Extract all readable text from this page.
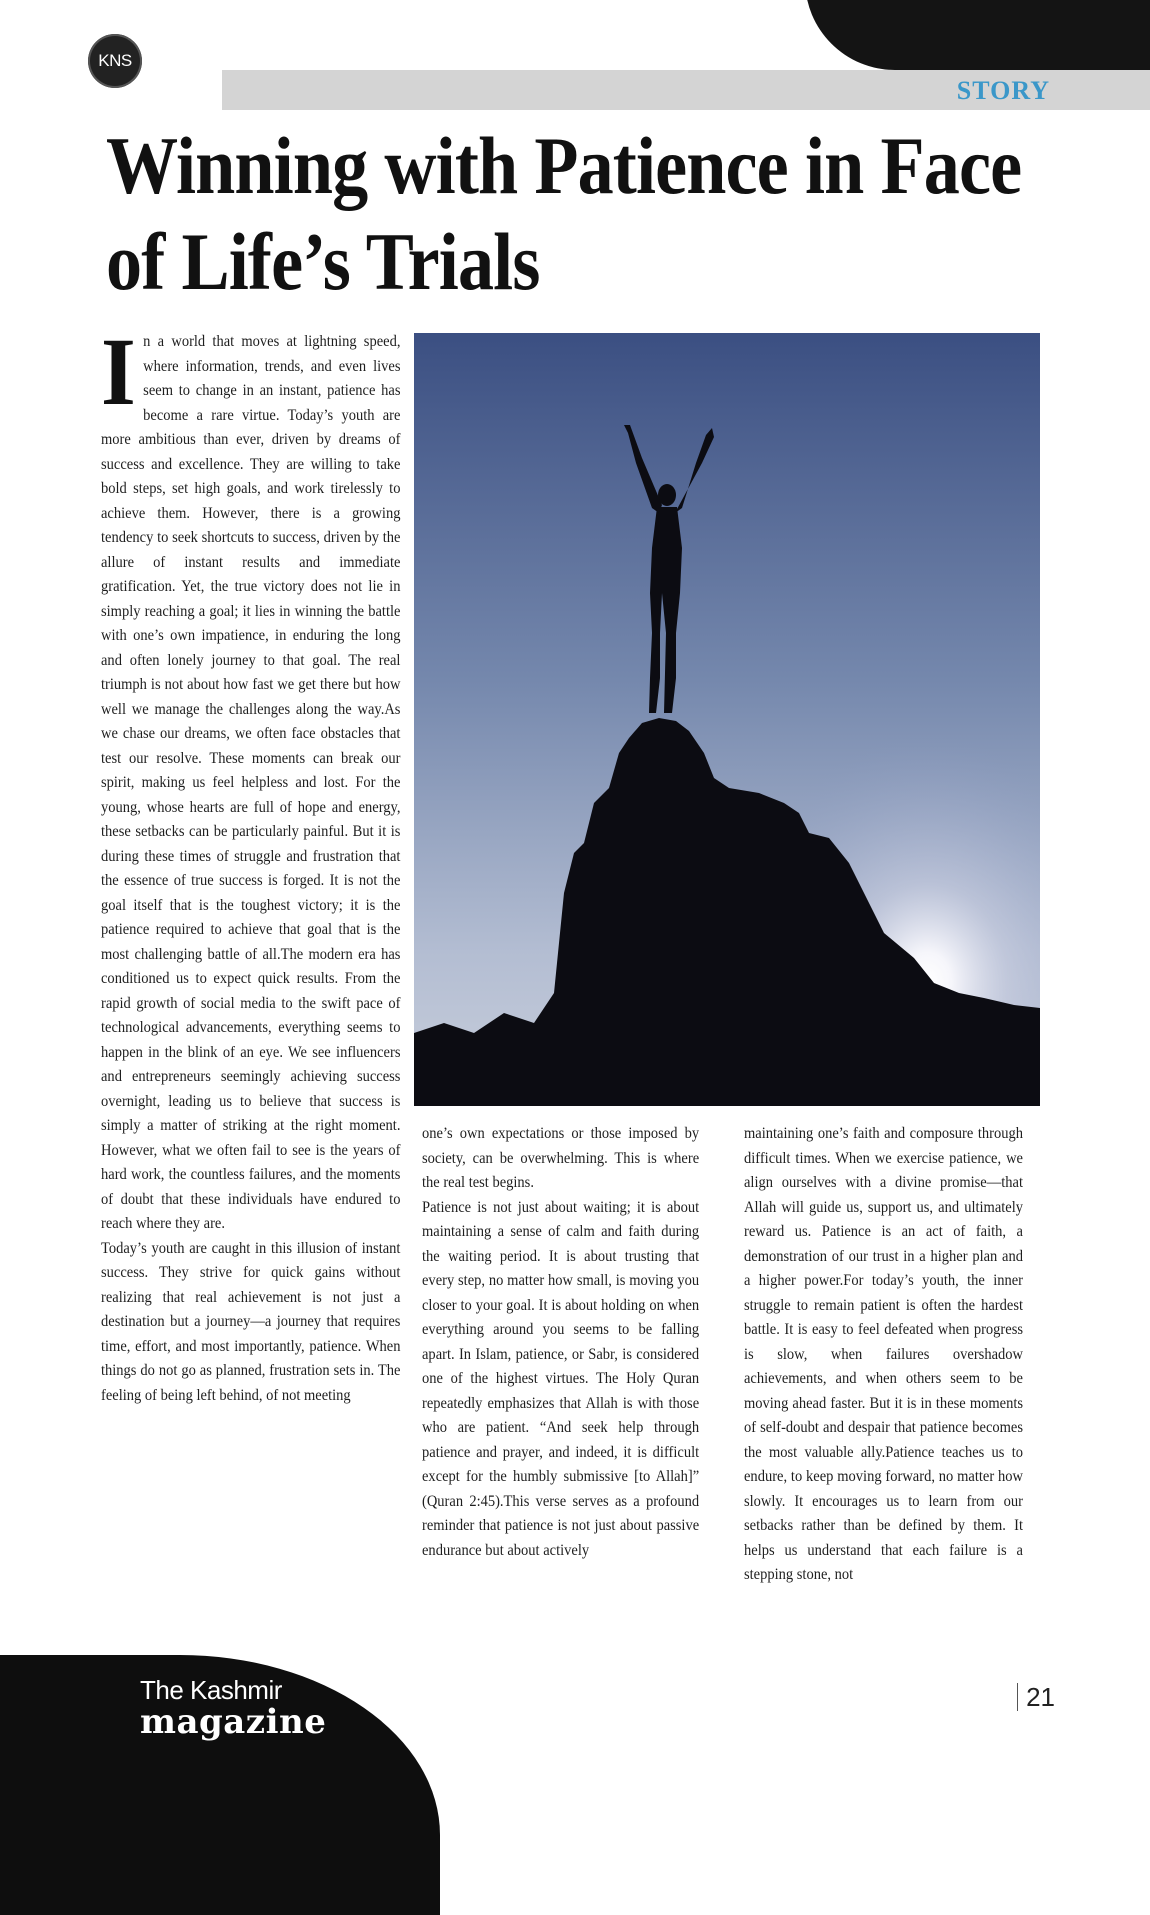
KNS
STORY
Winning with Patience in Face of Life’s Trials

In a world that moves at lightning speed, where information, trends, and even lives seem to change in an instant, patience has become a rare virtue. Today’s youth are more ambitious than ever, driven by dreams of success and excellence. They are willing to take bold steps, set high goals, and work tirelessly to achieve them. However, there is a growing tendency to seek shortcuts to success, driven by the allure of instant results and immediate gratification. Yet, the true victory does not lie in simply reaching a goal; it lies in winning the battle with one’s own impatience, in enduring the long and often lonely journey to that goal. The real triumph is not about how fast we get there but how well we manage the challenges along the way.As we chase our dreams, we often face obstacles that test our resolve. These moments can break our spirit, making us feel helpless and lost. For the young, whose hearts are full of hope and energy, these setbacks can be particularly painful. But it is during these times of struggle and frustration that the essence of true success is forged. It is not the goal itself that is the toughest victory; it is the patience required to achieve that goal that is the most challenging battle of all.The modern era has conditioned us to expect quick results. From the rapid growth of social media to the swift pace of technological advancements, everything seems to happen in the blink of an eye. We see influencers and entrepreneurs seemingly achieving success overnight, leading us to believe that success is simply a matter of striking at the right moment. However, what we often fail to see is the years of hard work, the countless failures, and the moments of doubt that these individuals have endured to reach where they are.

Today’s youth are caught in this illusion of instant success. They strive for quick gains without realizing that real achievement is not just a destination but a journey—a journey that requires time, effort, and most importantly, patience. When things do not go as planned, frustration sets in. The feeling of being left behind, of not meeting

one’s own expectations or those imposed by society, can be overwhelming. This is where the real test begins.

Patience is not just about waiting; it is about maintaining a sense of calm and faith during the waiting period. It is about trusting that every step, no matter how small, is moving you closer to your goal. It is about holding on when everything around you seems to be falling apart. In Islam, patience, or Sabr, is considered one of the highest virtues. The Holy Quran repeatedly emphasizes that Allah is with those who are patient. “And seek help through patience and prayer, and indeed, it is difficult except for the humbly submissive [to Allah]” (Quran 2:45).This verse serves as a profound reminder that patience is not just about passive endurance but about actively

maintaining one’s faith and composure through difficult times. When we exercise patience, we align ourselves with a divine promise—that Allah will guide us, support us, and ultimately reward us. Patience is an act of faith, a demonstration of our trust in a higher plan and a higher power.For today’s youth, the inner struggle to remain patient is often the hardest battle. It is easy to feel defeated when progress is slow, when failures overshadow achievements, and when others seem to be moving ahead faster. But it is in these moments of self-doubt and despair that patience becomes the most valuable ally.Patience teaches us to endure, to keep moving forward, no matter how slowly. It encourages us to learn from our setbacks rather than be defined by them. It helps us understand that each failure is a stepping stone, not

The Kashmir
magazine
21
